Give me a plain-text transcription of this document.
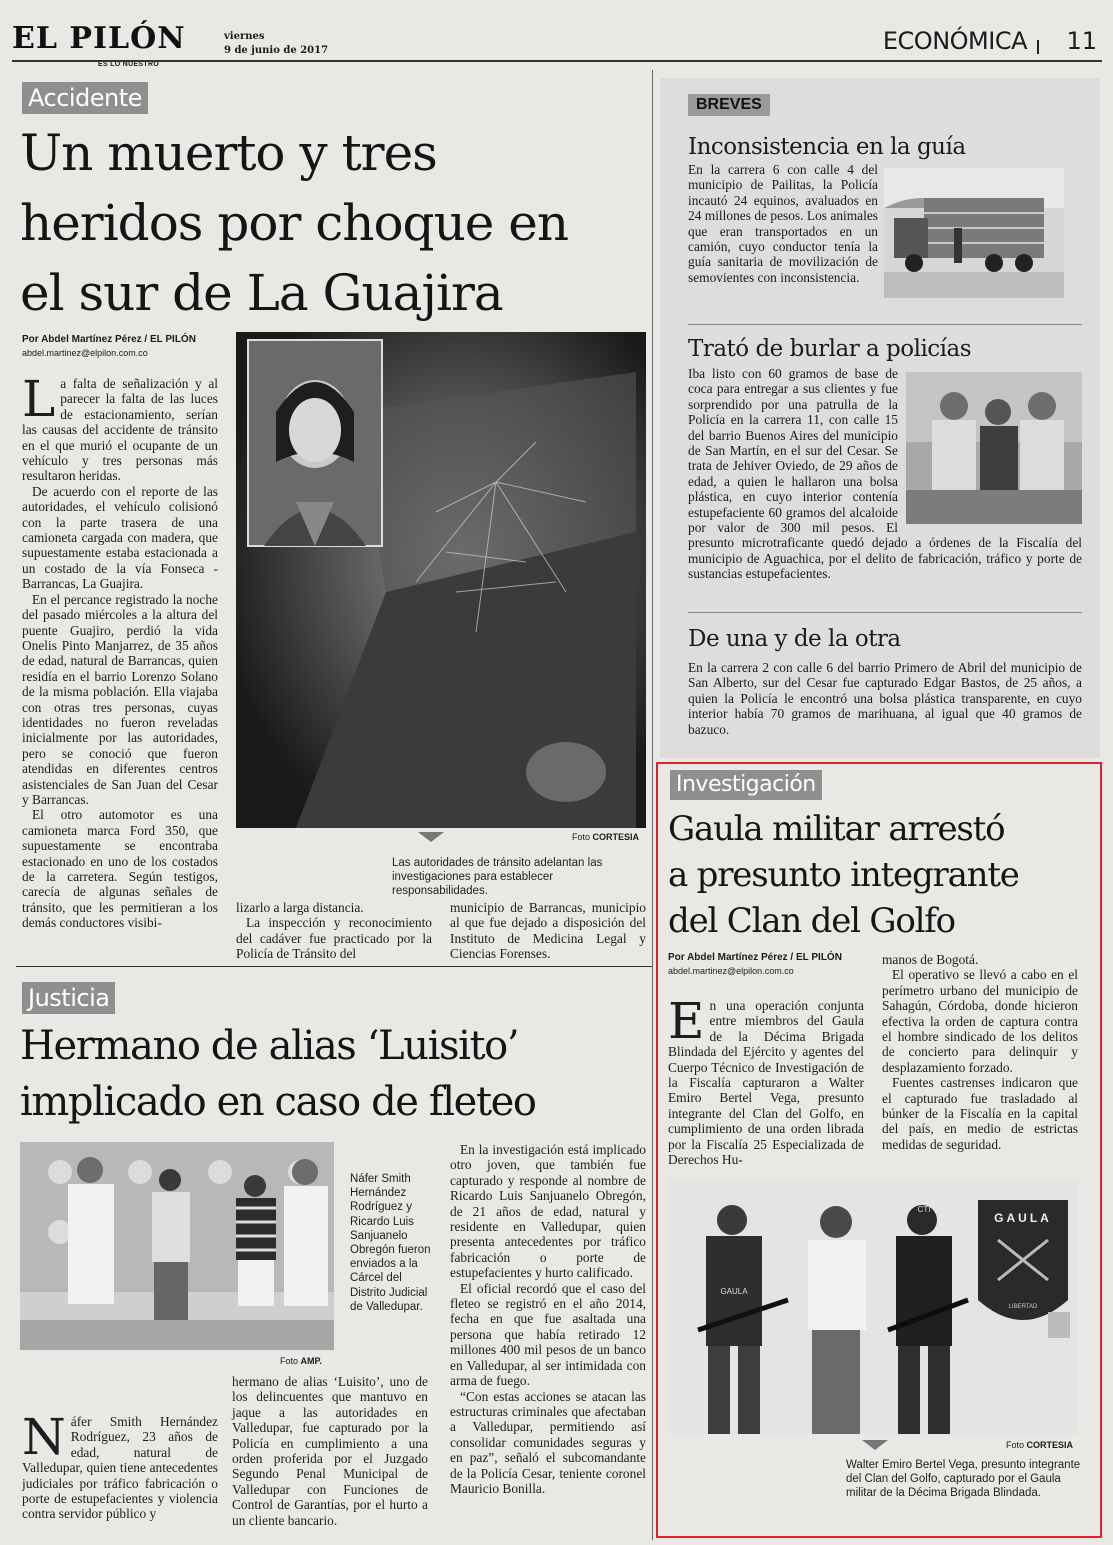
EL PILÓN
ES LO NUESTRO
viernes
9 de junio de 2017	ECONÓMICA 11
Accidente
Un muerto y tres
heridos por choque en
el sur de La Guajira
Por Abdel Martínez Pérez / EL PILÓN
abdel.martinez@elpilon.com.co

La falta de señalización y al parecer la falta de las luces de estacionamiento, serían las causas del accidente de tránsito en el que murió el ocupante de un vehículo y tres personas más resultaron heridas.

De acuerdo con el reporte de las autoridades, el vehículo colisionó con la parte trasera de una camioneta cargada con madera, que supuestamente estaba estacionada a un costado de la vía Fonseca - Barrancas, La Guajira.

En el percance registrado la noche del pasado miércoles a la altura del puente Guajiro, perdió la vida Onelis Pinto Manjarrez, de 35 años de edad, natural de Barrancas, quien residía en el barrio Lorenzo Solano de la misma población. Ella viajaba con otras tres personas, cuyas identidades no fueron reveladas inicialmente por las autoridades, pero se conoció que fueron atendidas en diferentes centros asistenciales de San Juan del Cesar y Barrancas.

El otro automotor es una camioneta marca Ford 350, que supuestamente se encontraba estacionado en uno de los costados de la carretera. Según testigos, carecía de algunas señales de tránsito, que les permitieran a los demás conductores visibi-

Foto CORTESIA
Las autoridades de tránsito adelantan las investigaciones para establecer responsabilidades.

lizarlo a larga distancia.

La inspección y reconocimiento del cadáver fue practicado por la Policía de Tránsito del

municipio de Barrancas, municipio al que fue dejado a disposición del Instituto de Medicina Legal y Ciencias Forenses.

BREVES
Inconsistencia en la guía
En la carrera 6 con calle 4 del municipio de Pailitas, la Policía incautó 24 equinos, avaluados en 24 millones de pesos. Los animales que eran transportados en un camión, cuyo conductor tenía la guía sanitaria de movilización de semovientes con inconsistencia.
Trató de burlar a policías
Iba listo con 60 gramos de base de coca para entregar a sus clientes y fue sorprendido por una patrulla de la Policía en la carrera 11, con calle 15 del barrio Buenos Aires del municipio de San Martín, en el sur del Cesar. Se trata de Jehiver Oviedo, de 29 años de edad, a quien le hallaron una bolsa plástica, en cuyo interior contenía estupefaciente 60 gramos del alcaloide por valor de 300 mil pesos. El presunto microtraficante quedó dejado a órdenes de la Fiscalía del municipio de Aguachica, por el delito de fabricación, tráfico y porte de sustancias estupefacientes.
De una y de la otra
En la carrera 2 con calle 6 del barrio Primero de Abril del municipio de San Alberto, sur del Cesar fue capturado Edgar Bastos, de 25 años, a quien la Policía le encontró una bolsa plástica transparente, en cuyo interior había 70 gramos de marihuana, al igual que 40 gramos de bazuco.
Justicia
Hermano de alias ‘Luisito’
implicado en caso de fleteo
Náfer Smith Hernández Rodríguez y Ricardo Luis Sanjuanelo Obregón fueron enviados a la Cárcel del Distrito Judicial de Valledupar.
Foto AMP.

Náfer Smith Hernández Rodríguez, 23 años de edad, natural de Valledupar, quien tiene antecedentes judiciales por tráfico fabricación o porte de estupefacientes y violencia contra servidor público y

hermano de alias ‘Luisito’, uno de los delincuentes que mantuvo en jaque a las autoridades en Valledupar, fue capturado por la Policía en cumplimiento a una orden proferida por el Juzgado Segundo Penal Municipal de Valledupar con Funciones de Control de Garantías, por el hurto a un cliente bancario.

En la investigación está implicado otro joven, que también fue capturado y responde al nombre de Ricardo Luis Sanjuanelo Obregón, de 21 años de edad, natural y residente en Valledupar, quien presenta antecedentes por tráfico fabricación o porte de estupefacientes y hurto calificado.

El oficial recordó que el caso del fleteo se registró en el año 2014, fecha en que fue asaltada una persona que había retirado 12 millones 400 mil pesos de un banco en Valledupar, al ser intimidada con arma de fuego.

“Con estas acciones se atacan las estructuras criminales que afectaban a Valledupar, permitiendo así consolidar comunidades seguras y en paz”, señaló el subcomandante de la Policía Cesar, teniente coronel Mauricio Bonilla.

Investigación
Gaula militar arrestó
a presunto integrante
del Clan del Golfo
Por Abdel Martínez Pérez / EL PILÓN
abdel.martinez@elpilon.com.co

En una operación conjunta entre miembros del Gaula de la Décima Brigada Blindada del Ejército y agentes del Cuerpo Técnico de Investigación de la Fiscalía capturaron a Walter Emiro Bertel Vega, presunto integrante del Clan del Golfo, en cumplimiento de una orden librada por la Fiscalía 25 Especializada de Derechos Hu-

manos de Bogotá.

El operativo se llevó a cabo en el perímetro urbano del municipio de Sahagún, Córdoba, donde hicieron efectiva la orden de captura contra el hombre sindicado de los delitos de concierto para delinquir y desplazamiento forzado.

Fuentes castrenses indicaron que el capturado fue trasladado al búnker de la Fiscalía en la capital del país, en medio de estrictas medidas de seguridad.

GAULA
LIBERTAD
GAULA
CTI
Foto CORTESIA
Walter Emiro Bertel Vega, presunto integrante del Clan del Golfo, capturado por el Gaula militar de la Décima Brigada Blindada.
